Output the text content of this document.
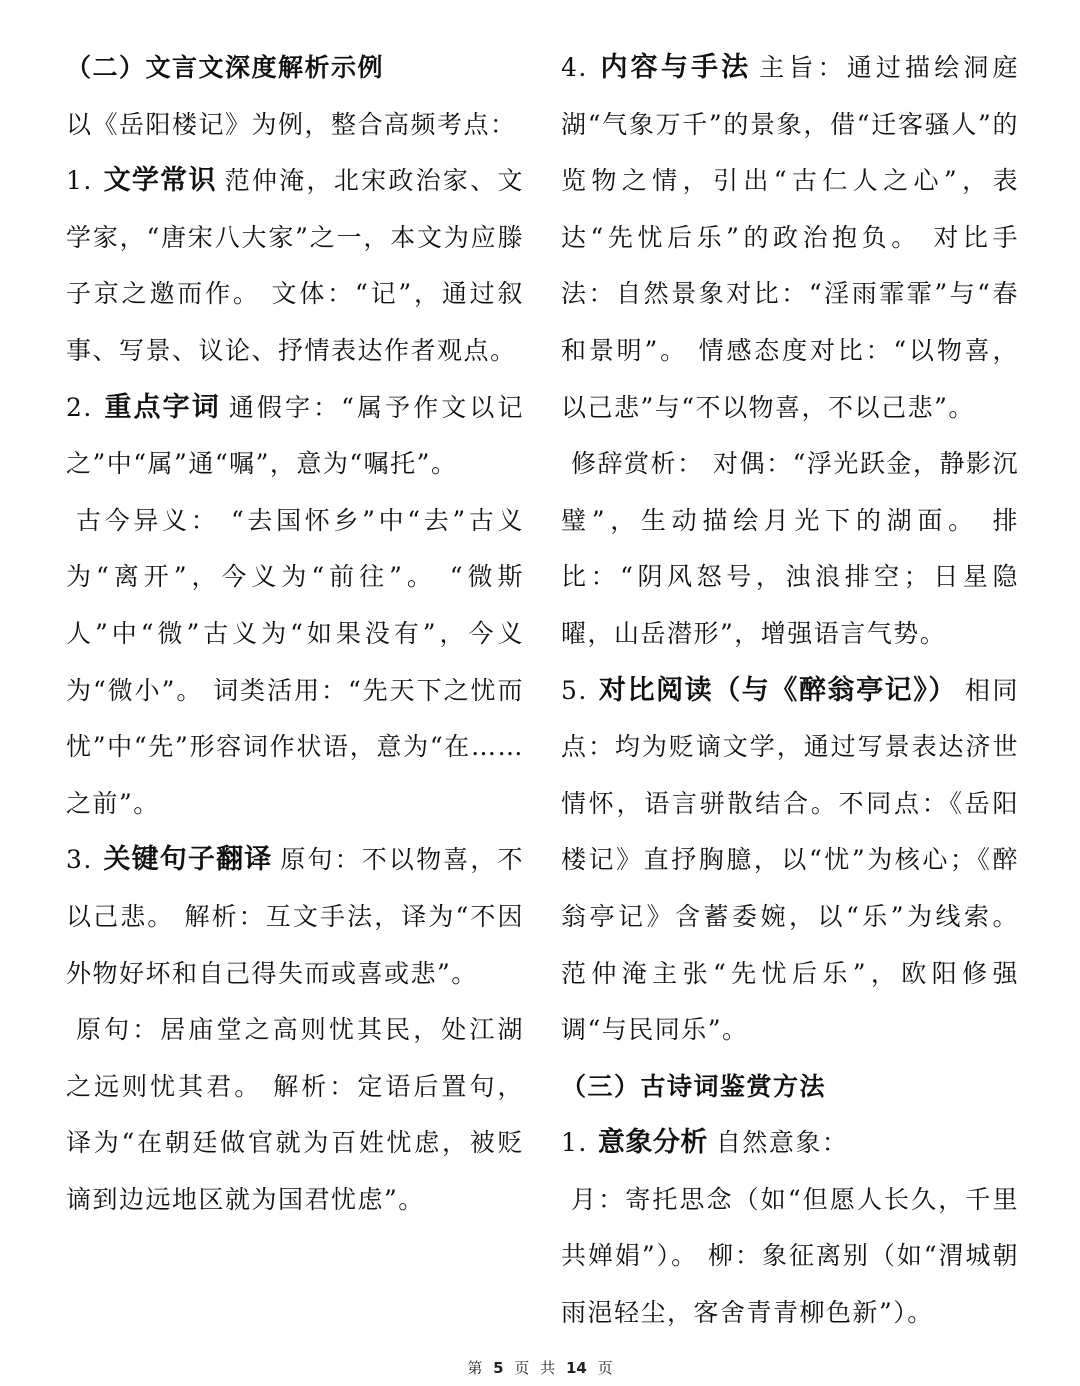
（二）文言文深度解析示例

以《岳阳楼记》为例，整合高频考点：

1. 文学常识 范仲淹，北宋政治家、文学家，“唐宋八大家”之一，本文为应滕子京之邀而作。 文体：“记”，通过叙事、写景、议论、抒情表达作者观点。

2. 重点字词 通假字：“属予作文以记之”中“属”通“嘱”，意为“嘱托”。
古今异义： “去国怀乡”中“去”古义为“离开”，今义为“前往”。 “微斯人”中“微”古义为“如果没有”，今义为“微小”。 词类活用：“先天下之忧而忧”中“先”形容词作状语，意为“在……之前”。

3. 关键句子翻译 原句：不以物喜，不以己悲。 解析：互文手法，译为“不因外物好坏和自己得失而或喜或悲”。
原句：居庙堂之高则忧其民，处江湖之远则忧其君。 解析：定语后置句，译为“在朝廷做官就为百姓忧虑，被贬谪到边远地区就为国君忧虑”。

4. 内容与手法 主旨：通过描绘洞庭湖“气象万千”的景象，借“迁客骚人”的览物之情，引出“古仁人之心”，表达“先忧后乐”的政治抱负。 对比手法：自然景象对比：“淫雨霏霏”与“春和景明”。 情感态度对比：“以物喜，以己悲”与“不以物喜，不以己悲”。
修辞赏析： 对偶：“浮光跃金，静影沉璧”，生动描绘月光下的湖面。 排比：“阴风怒号，浊浪排空；日星隐曜，山岳潜形”，增强语言气势。

5. 对比阅读（与《醉翁亭记》） 相同点：均为贬谪文学，通过写景表达济世情怀，语言骈散结合。不同点：《岳阳楼记》直抒胸臆，以“忧”为核心；《醉翁亭记》含蓄委婉，以“乐”为线索。 范仲淹主张“先忧后乐”，欧阳修强调“与民同乐”。

（三）古诗词鉴赏方法

1. 意象分析 自然意象：
月：寄托思念（如“但愿人长久，千里共婵娟”）。 柳：象征离别（如“渭城朝雨浥轻尘，客舍青青柳色新”）。

第 5 页 共 14 页
